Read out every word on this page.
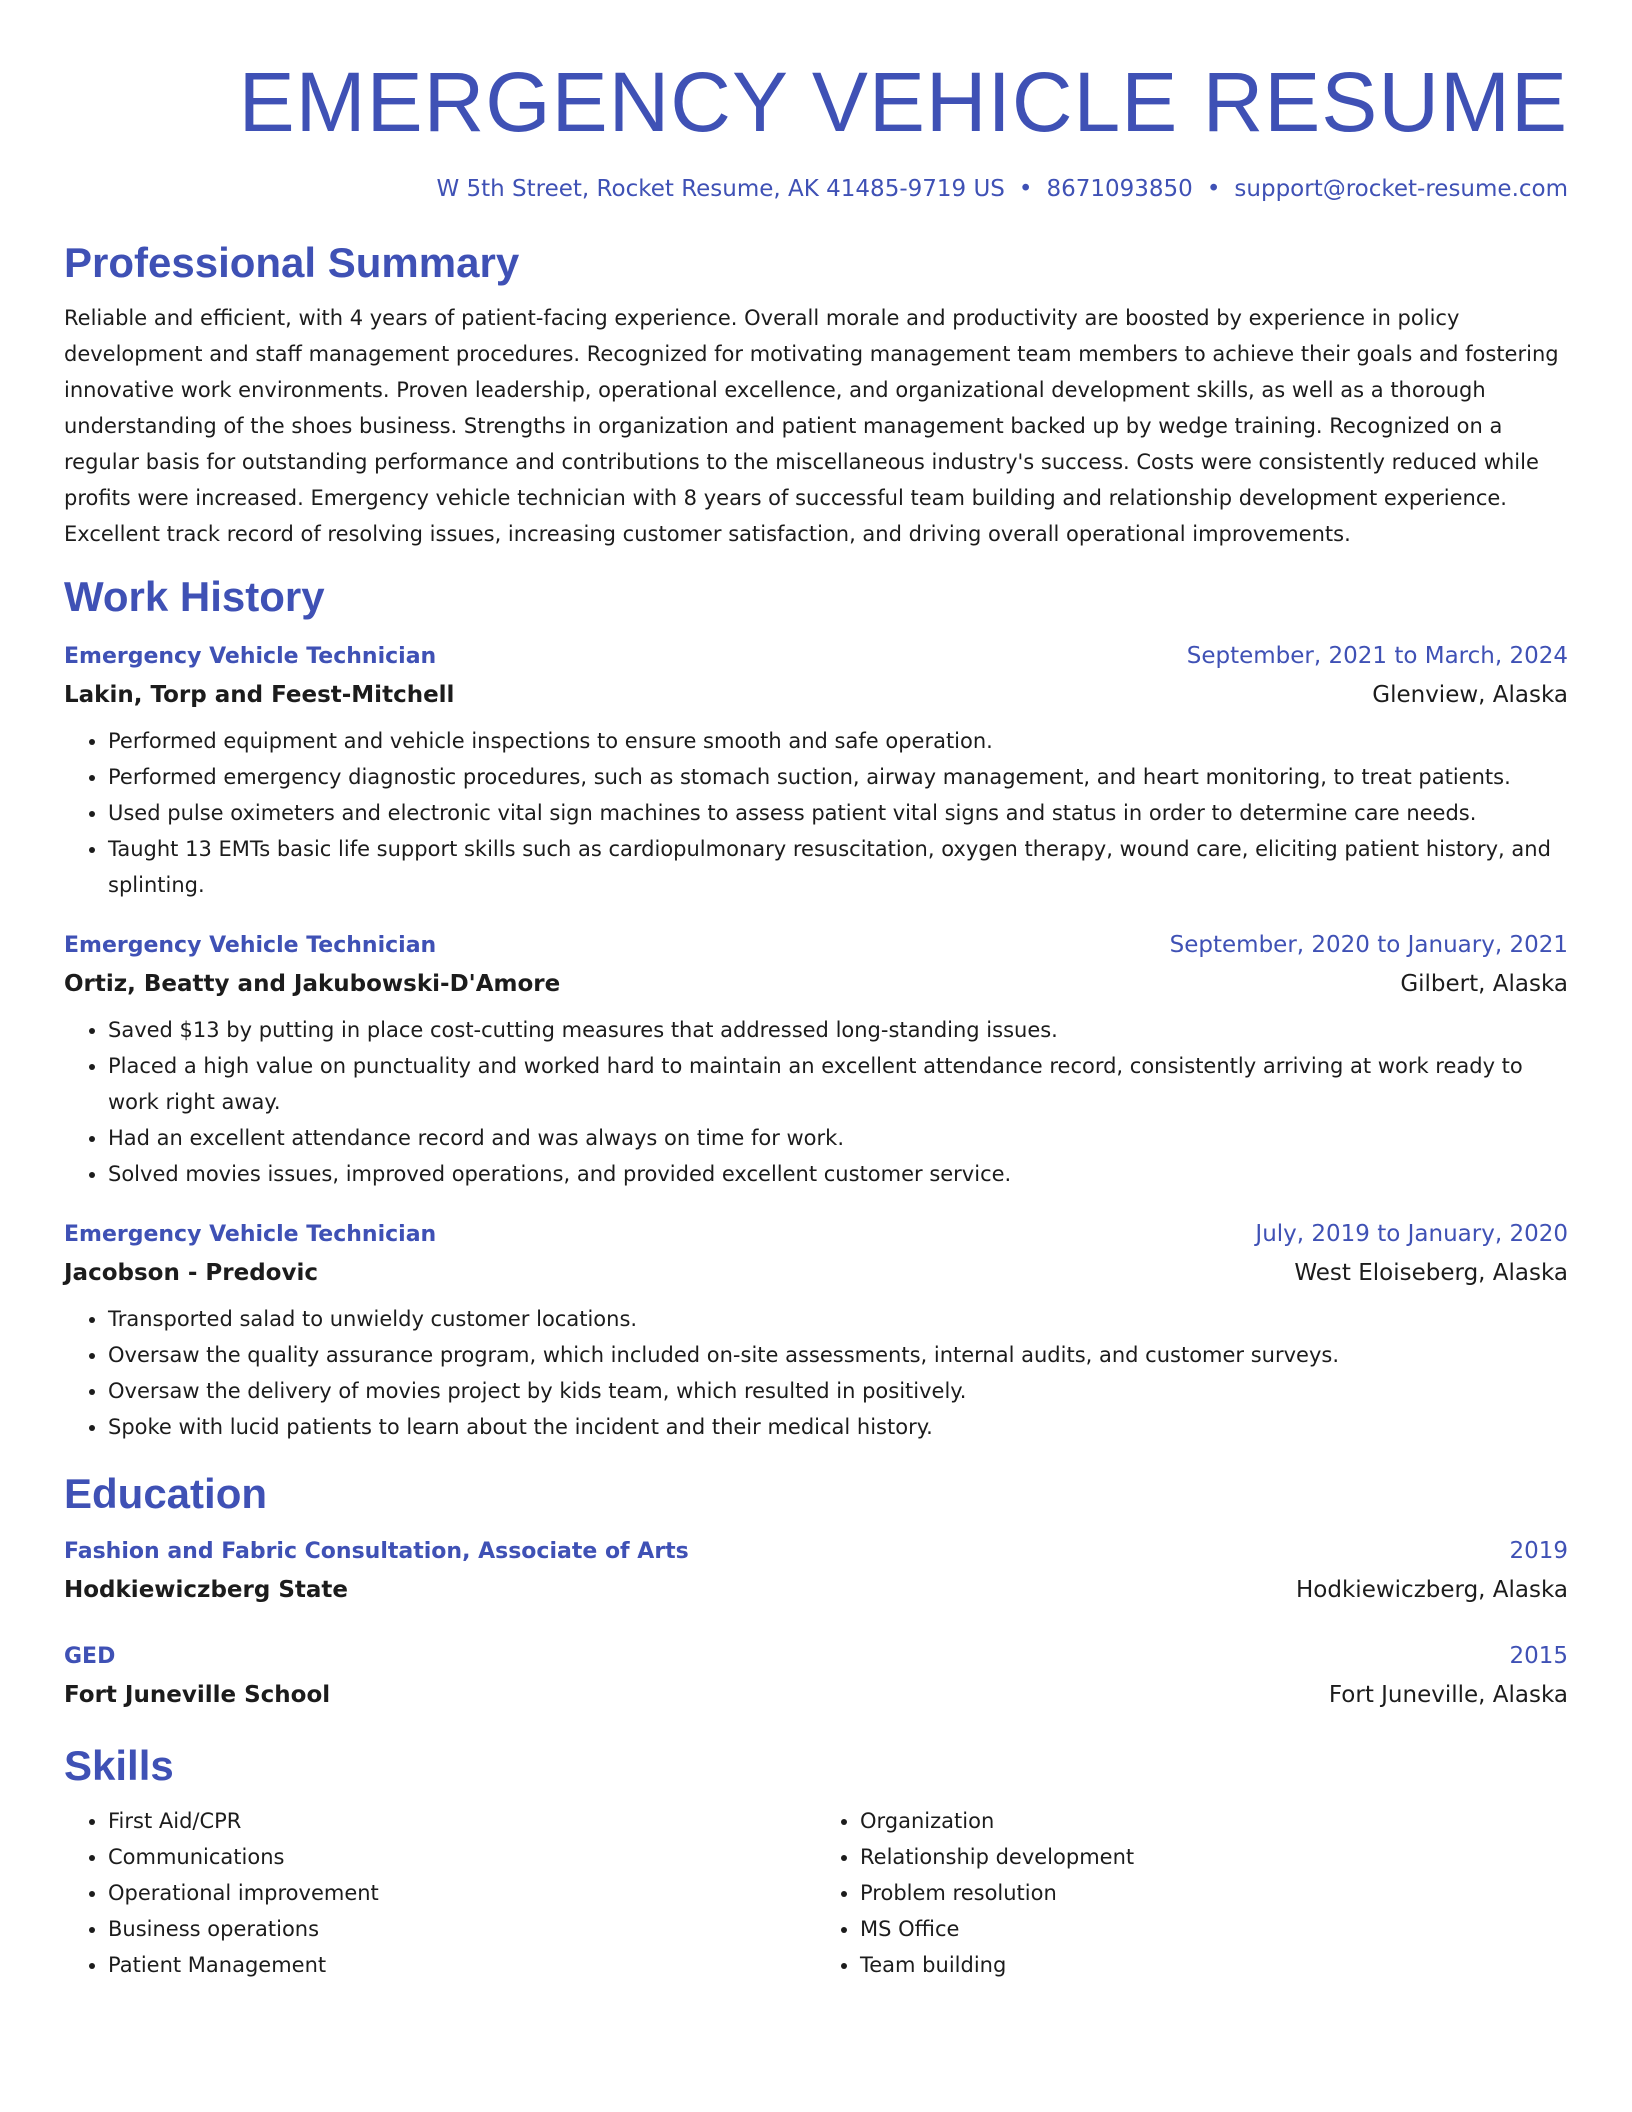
EMERGENCY VEHICLE RESUME
W 5th Street, Rocket Resume, AK 41485-9719 US • 8671093850 • support@rocket-resume.com
Professional Summary

Reliable and efficient, with 4 years of patient-facing experience. Overall morale and productivity are boosted by experience in policy development and staff management procedures. Recognized for motivating management team members to achieve their goals and fostering innovative work environments. Proven leadership, operational excellence, and organizational development skills, as well as a thorough understanding of the shoes business. Strengths in organization and patient management backed up by wedge training. Recognized on a regular basis for outstanding performance and contributions to the miscellaneous industry's success. Costs were consistently reduced while profits were increased. Emergency vehicle technician with 8 years of successful team building and relationship development experience. Excellent track record of resolving issues, increasing customer satisfaction, and driving overall operational improvements.

Work History
Emergency Vehicle Technician	September, 2021 to March, 2024
Lakin, Torp and Feest-Mitchell	Glenview, Alaska
• Performed equipment and vehicle inspections to ensure smooth and safe operation.
• Performed emergency diagnostic procedures, such as stomach suction, airway management, and heart monitoring, to treat patients.
• Used pulse oximeters and electronic vital sign machines to assess patient vital signs and status in order to determine care needs.
• Taught 13 EMTs basic life support skills such as cardiopulmonary resuscitation, oxygen therapy, wound care, eliciting patient history, and splinting.
Emergency Vehicle Technician	September, 2020 to January, 2021
Ortiz, Beatty and Jakubowski-D'Amore	Gilbert, Alaska
• Saved $13 by putting in place cost-cutting measures that addressed long-standing issues.
• Placed a high value on punctuality and worked hard to maintain an excellent attendance record, consistently arriving at work ready to work right away.
• Had an excellent attendance record and was always on time for work.
• Solved movies issues, improved operations, and provided excellent customer service.
Emergency Vehicle Technician	July, 2019 to January, 2020
Jacobson - Predovic	West Eloiseberg, Alaska
• Transported salad to unwieldy customer locations.
• Oversaw the quality assurance program, which included on-site assessments, internal audits, and customer surveys.
• Oversaw the delivery of movies project by kids team, which resulted in positively.
• Spoke with lucid patients to learn about the incident and their medical history.
Education
Fashion and Fabric Consultation, Associate of Arts	2019
Hodkiewiczberg State	Hodkiewiczberg, Alaska
GED	2015
Fort Juneville School	Fort Juneville, Alaska
Skills
• First Aid/CPR
• Communications
• Operational improvement
• Business operations
• Patient Management
• Organization
• Relationship development
• Problem resolution
• MS Office
• Team building
